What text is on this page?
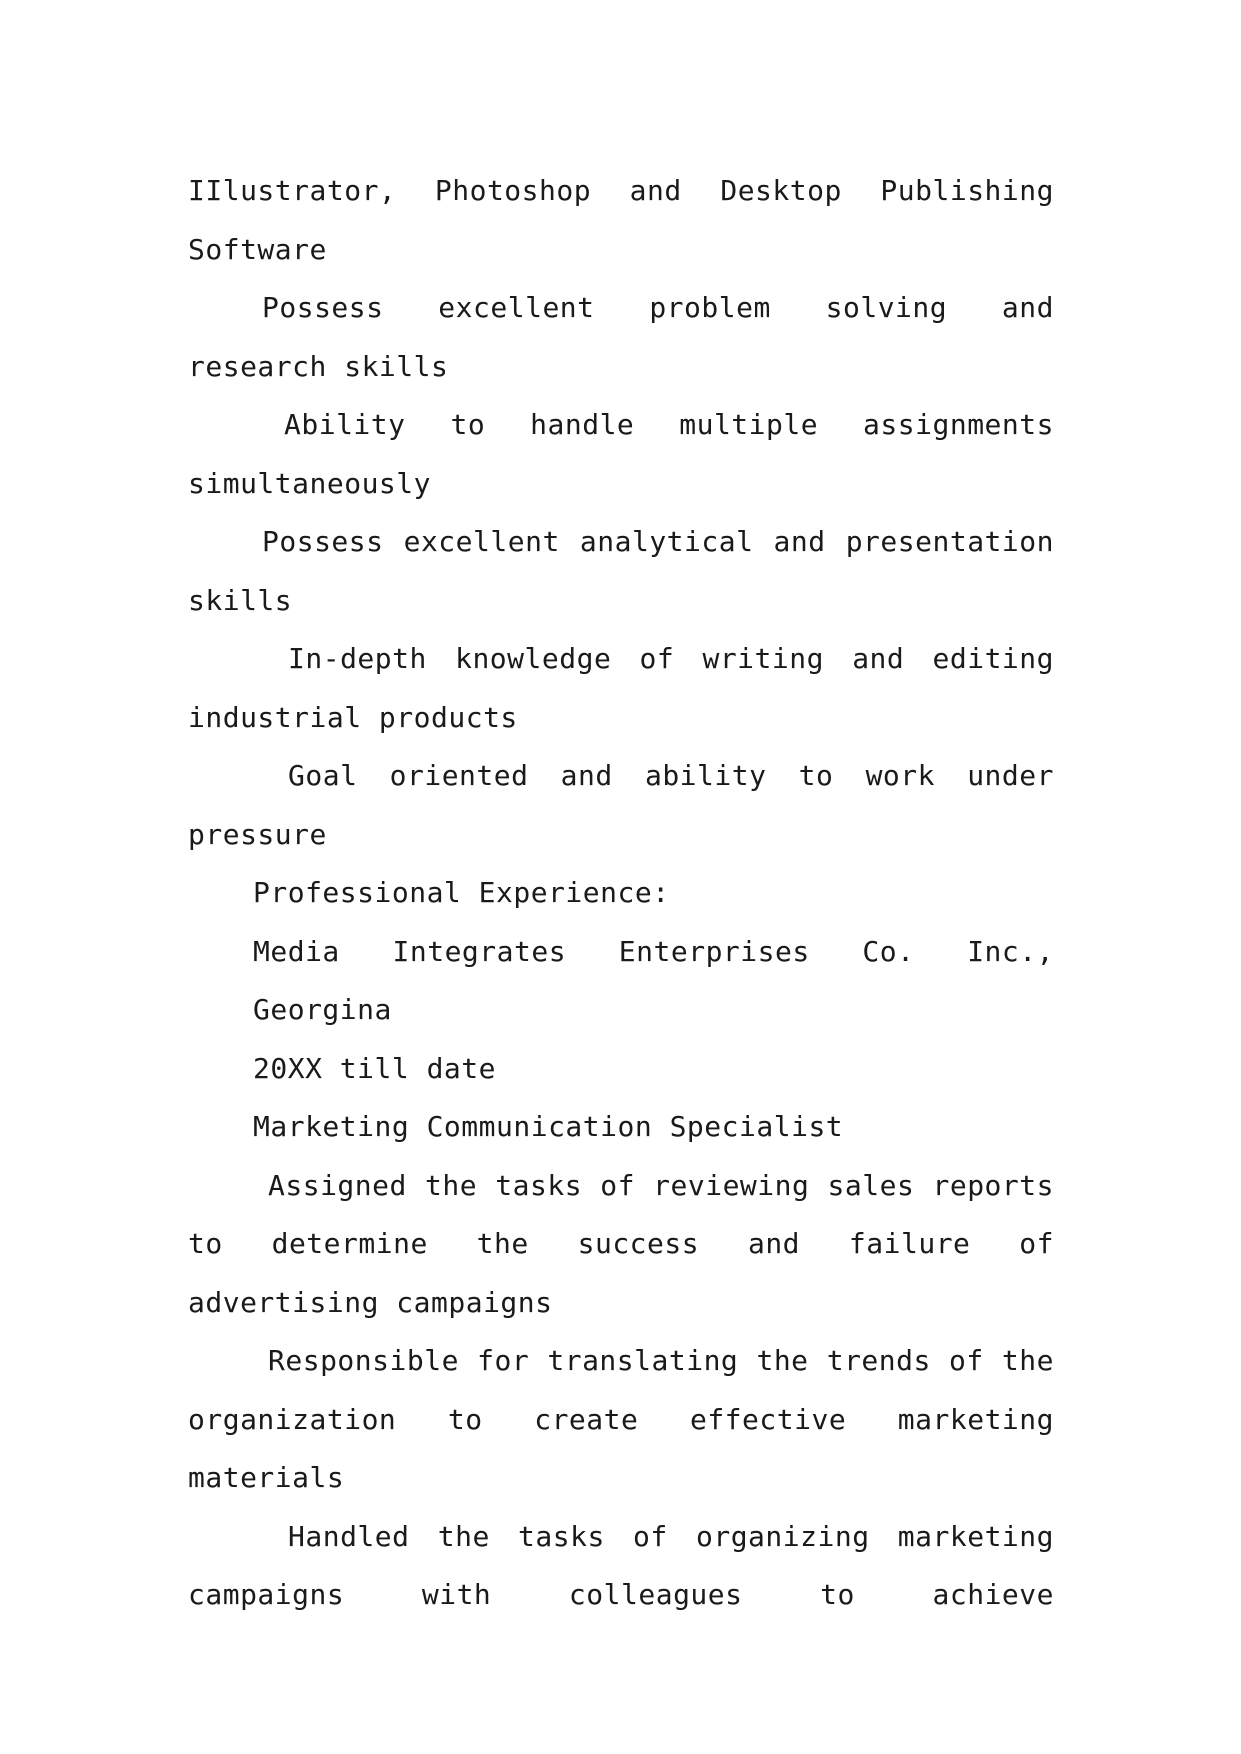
IIlustrator, Photoshop and Desktop Publishing Software

Possess excellent problem solving and research skills

Ability to handle multiple assignments simultaneously

Possess excellent analytical and presentation skills

In-depth knowledge of writing and editing industrial products

Goal oriented and ability to work under pressure

Professional Experience:

Media Integrates Enterprises Co. Inc., Georgina

20XX till date

Marketing Communication Specialist

Assigned the tasks of reviewing sales reports to determine the success and failure of advertising campaigns

Responsible for translating the trends of the organization to create effective marketing materials

Handled the tasks of organizing marketing campaigns with colleagues to achieve
